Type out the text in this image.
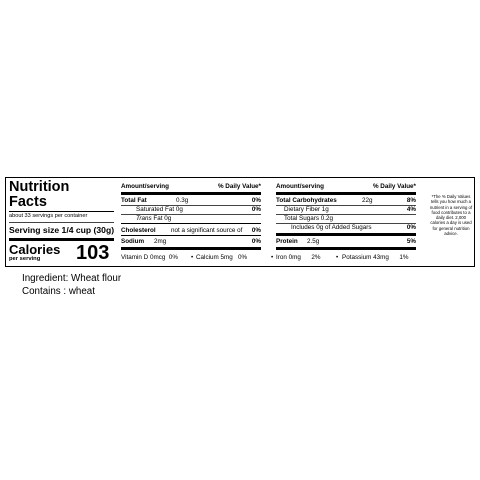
Nutrition
Facts
about 33 servings per container
Serving size 1/4 cup (30g)
Calories
per serving 103
Amount/serving	% Daily Value*
Total Fat	0.3g	0%
Saturated Fat 0g	0%
Trans Fat 0g
Cholesterol not a significant source of 0%
Sodium 2mg	0%
Amount/serving	% Daily Value*
Total Carbohydrates	22g	8%
Dietary Fiber 1g	4%
Total Sugars 0.2g
Includes 0g of Added Sugars	0%
Protein 2.5g	5%
Vitamin D 0mcg 0% • Calcium 5mg 0%	• Iron 0mg 2% • Potassium 43mg 1%
*The % Daily Values tells you how much a nutrient in a serving of food contributes to a daily diet. 2,000 calories a day is used for general nutrition advice.
Ingredient: Wheat flour
Contains : wheat
